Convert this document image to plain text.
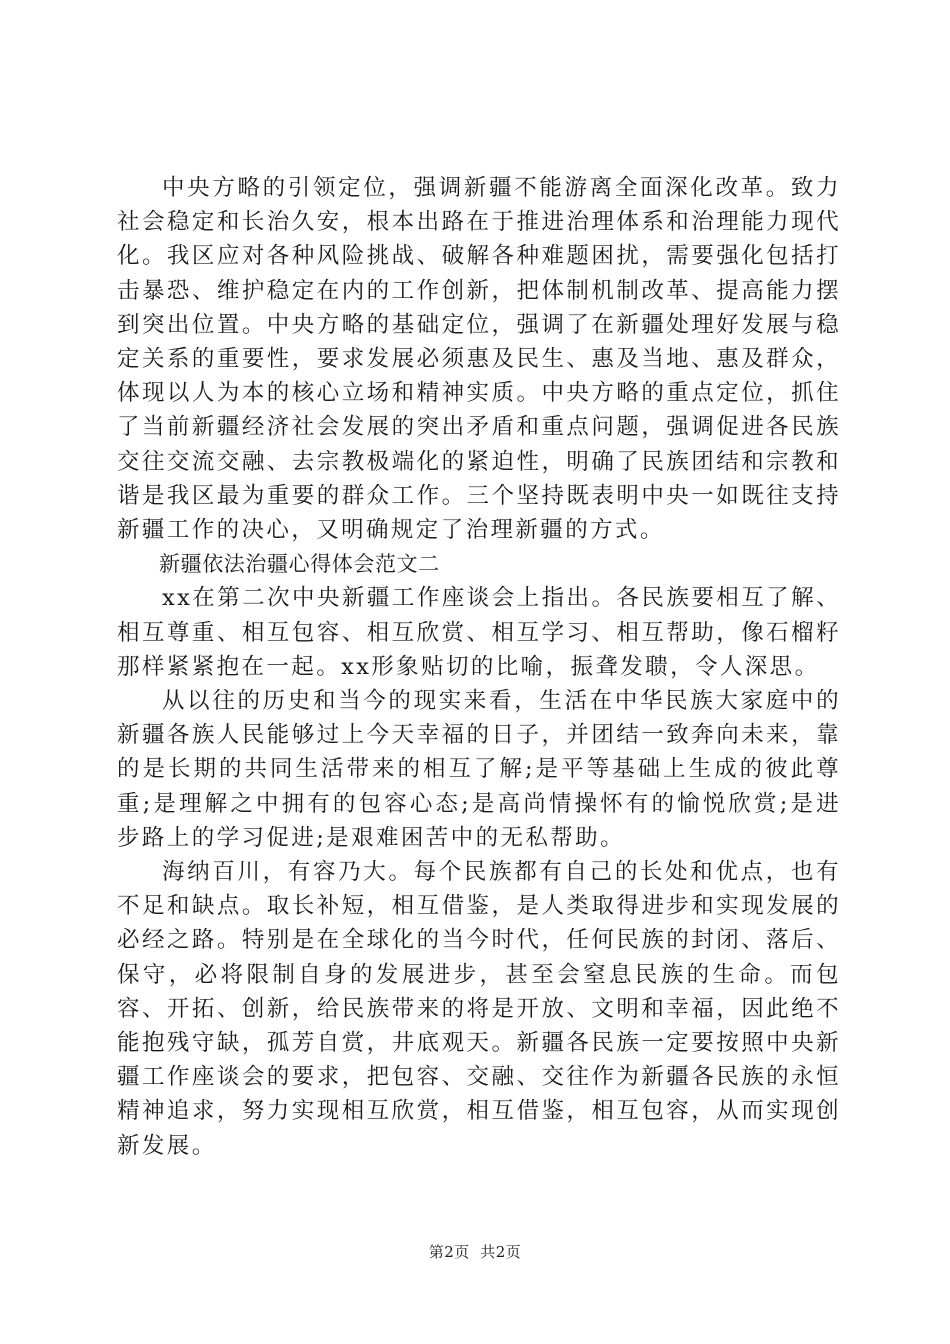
中央方略的引领定位，强调新疆不能游离全面深化改革。致力社会稳定和长治久安，根本出路在于推进治理体系和治理能力现代化。我区应对各种风险挑战、破解各种难题困扰，需要强化包括打击暴恐、维护稳定在内的工作创新，把体制机制改革、提高能力摆到突出位置。中央方略的基础定位，强调了在新疆处理好发展与稳定关系的重要性，要求发展必须惠及民生、惠及当地、惠及群众，体现以人为本的核心立场和精神实质。中央方略的重点定位，抓住了当前新疆经济社会发展的突出矛盾和重点问题，强调促进各民族交往交流交融、去宗教极端化的紧迫性，明确了民族团结和宗教和谐是我区最为重要的群众工作。三个坚持既表明中央一如既往支持新疆工作的决心，又明确规定了治理新疆的方式。

新疆依法治疆心得体会范文二

xx在第二次中央新疆工作座谈会上指出。各民族要相互了解、相互尊重、相互包容、相互欣赏、相互学习、相互帮助，像石榴籽那样紧紧抱在一起。xx形象贴切的比喻，振聋发聩，令人深思。

从以往的历史和当今的现实来看，生活在中华民族大家庭中的新疆各族人民能够过上今天幸福的日子，并团结一致奔向未来，靠的是长期的共同生活带来的相互了解;是平等基础上生成的彼此尊重;是理解之中拥有的包容心态;是高尚情操怀有的愉悦欣赏;是进步路上的学习促进;是艰难困苦中的无私帮助。

海纳百川，有容乃大。每个民族都有自己的长处和优点，也有不足和缺点。取长补短，相互借鉴，是人类取得进步和实现发展的必经之路。特别是在全球化的当今时代，任何民族的封闭、落后、保守，必将限制自身的发展进步，甚至会窒息民族的生命。而包容、开拓、创新，给民族带来的将是开放、文明和幸福，因此绝不能抱残守缺，孤芳自赏，井底观天。新疆各民族一定要按照中央新疆工作座谈会的要求，把包容、交融、交往作为新疆各民族的永恒精神追求，努力实现相互欣赏，相互借鉴，相互包容，从而实现创新发展。

第2页  共2页
